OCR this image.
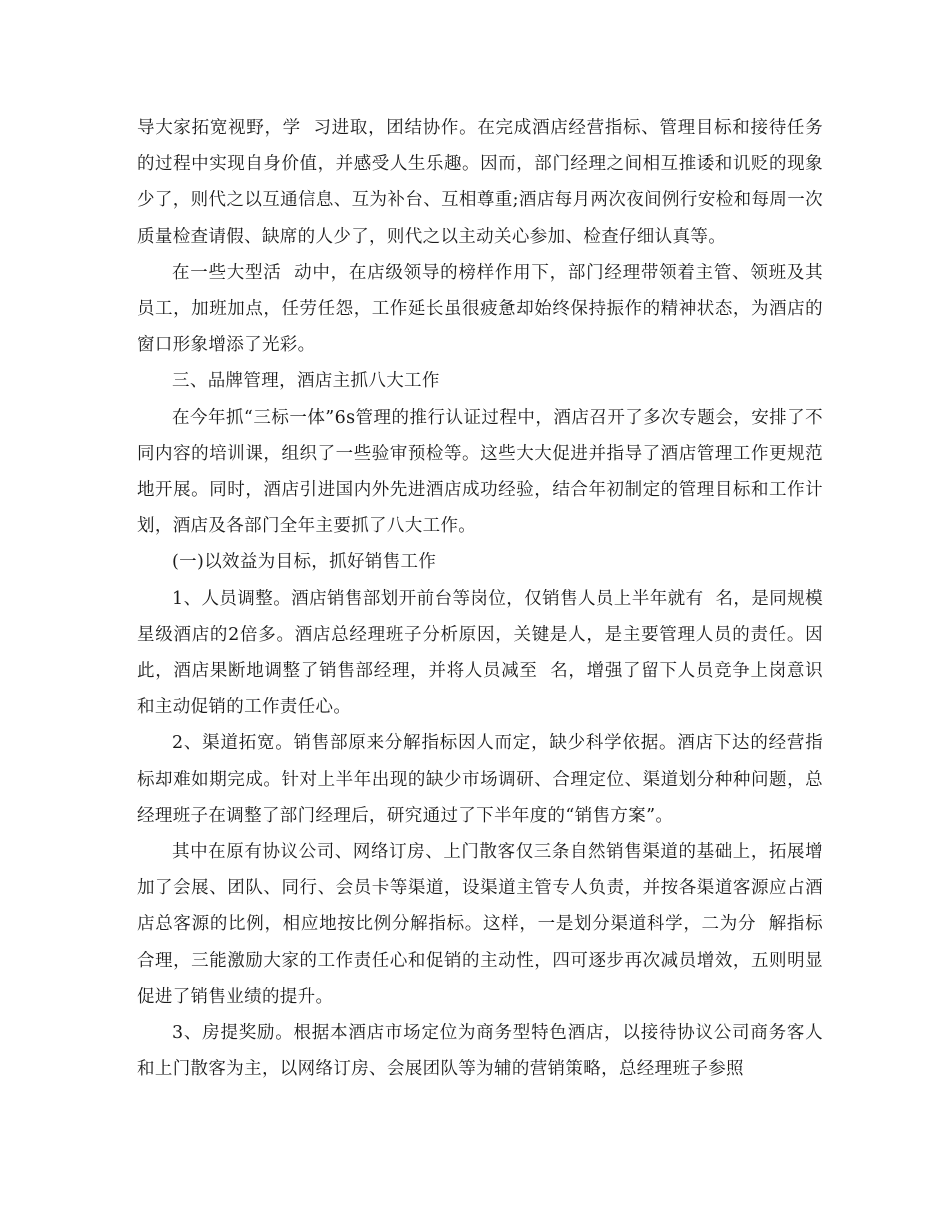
导大家拓宽视野，学  习进取，团结协作。在完成酒店经营指标、管理目标和接待任务的过程中实现自身价值，并感受人生乐趣。因而，部门经理之间相互推诿和讥贬的现象少了，则代之以互通信息、互为补台、互相尊重;酒店每月两次夜间例行安检和每周一次质量检查请假、缺席的人少了，则代之以主动关心参加、检查仔细认真等。

在一些大型活  动中，在店级领导的榜样作用下，部门经理带领着主管、领班及其员工，加班加点，任劳任怨，工作延长虽很疲惫却始终保持振作的精神状态，为酒店的窗口形象增添了光彩。

三、品牌管理，酒店主抓八大工作

在今年抓“三标一体”6s管理的推行认证过程中，酒店召开了多次专题会，安排了不同内容的培训课，组织了一些验审预检等。这些大大促进并指导了酒店管理工作更规范地开展。同时，酒店引进国内外先进酒店成功经验，结合年初制定的管理目标和工作计划，酒店及各部门全年主要抓了八大工作。

(一)以效益为目标，抓好销售工作

1、人员调整。酒店销售部划开前台等岗位，仅销售人员上半年就有  名，是同规模星级酒店的2倍多。酒店总经理班子分析原因，关键是人，是主要管理人员的责任。因此，酒店果断地调整了销售部经理，并将人员减至  名，增强了留下人员竞争上岗意识和主动促销的工作责任心。

2、渠道拓宽。销售部原来分解指标因人而定，缺少科学依据。酒店下达的经营指标却难如期完成。针对上半年出现的缺少市场调研、合理定位、渠道划分种种问题，总经理班子在调整了部门经理后，研究通过了下半年度的“销售方案”。

其中在原有协议公司、网络订房、上门散客仅三条自然销售渠道的基础上，拓展增加了会展、团队、同行、会员卡等渠道，设渠道主管专人负责，并按各渠道客源应占酒店总客源的比例，相应地按比例分解指标。这样，一是划分渠道科学，二为分  解指标合理，三能激励大家的工作责任心和促销的主动性，四可逐步再次减员增效，五则明显促进了销售业绩的提升。

3、房提奖励。根据本酒店市场定位为商务型特色酒店，以接待协议公司商务客人和上门散客为主，以网络订房、会展团队等为辅的营销策略，总经理班子参照
